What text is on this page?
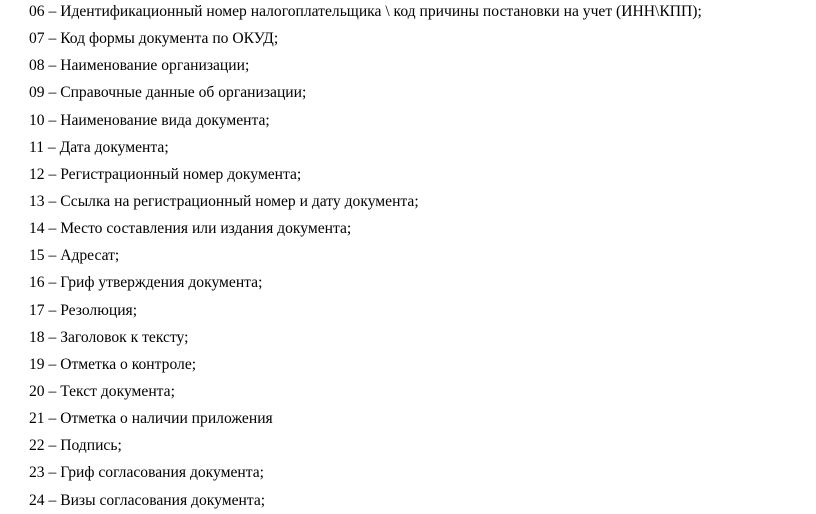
06 – Идентификационный номер налогоплательщика \ код причины постановки на учет (ИНН\КПП);
07 – Код формы документа по ОКУД;
08 – Наименование организации;
09 – Справочные данные об организации;
10 – Наименование вида документа;
11 – Дата документа;
12 – Регистрационный номер документа;
13 – Ссылка на регистрационный номер и дату документа;
14 – Место составления или издания документа;
15 – Адресат;
16 – Гриф утверждения документа;
17 – Резолюция;
18 – Заголовок к тексту;
19 – Отметка о контроле;
20 – Текст документа;
21 – Отметка о наличии приложения
22 – Подпись;
23 – Гриф согласования документа;
24 – Визы согласования документа;
